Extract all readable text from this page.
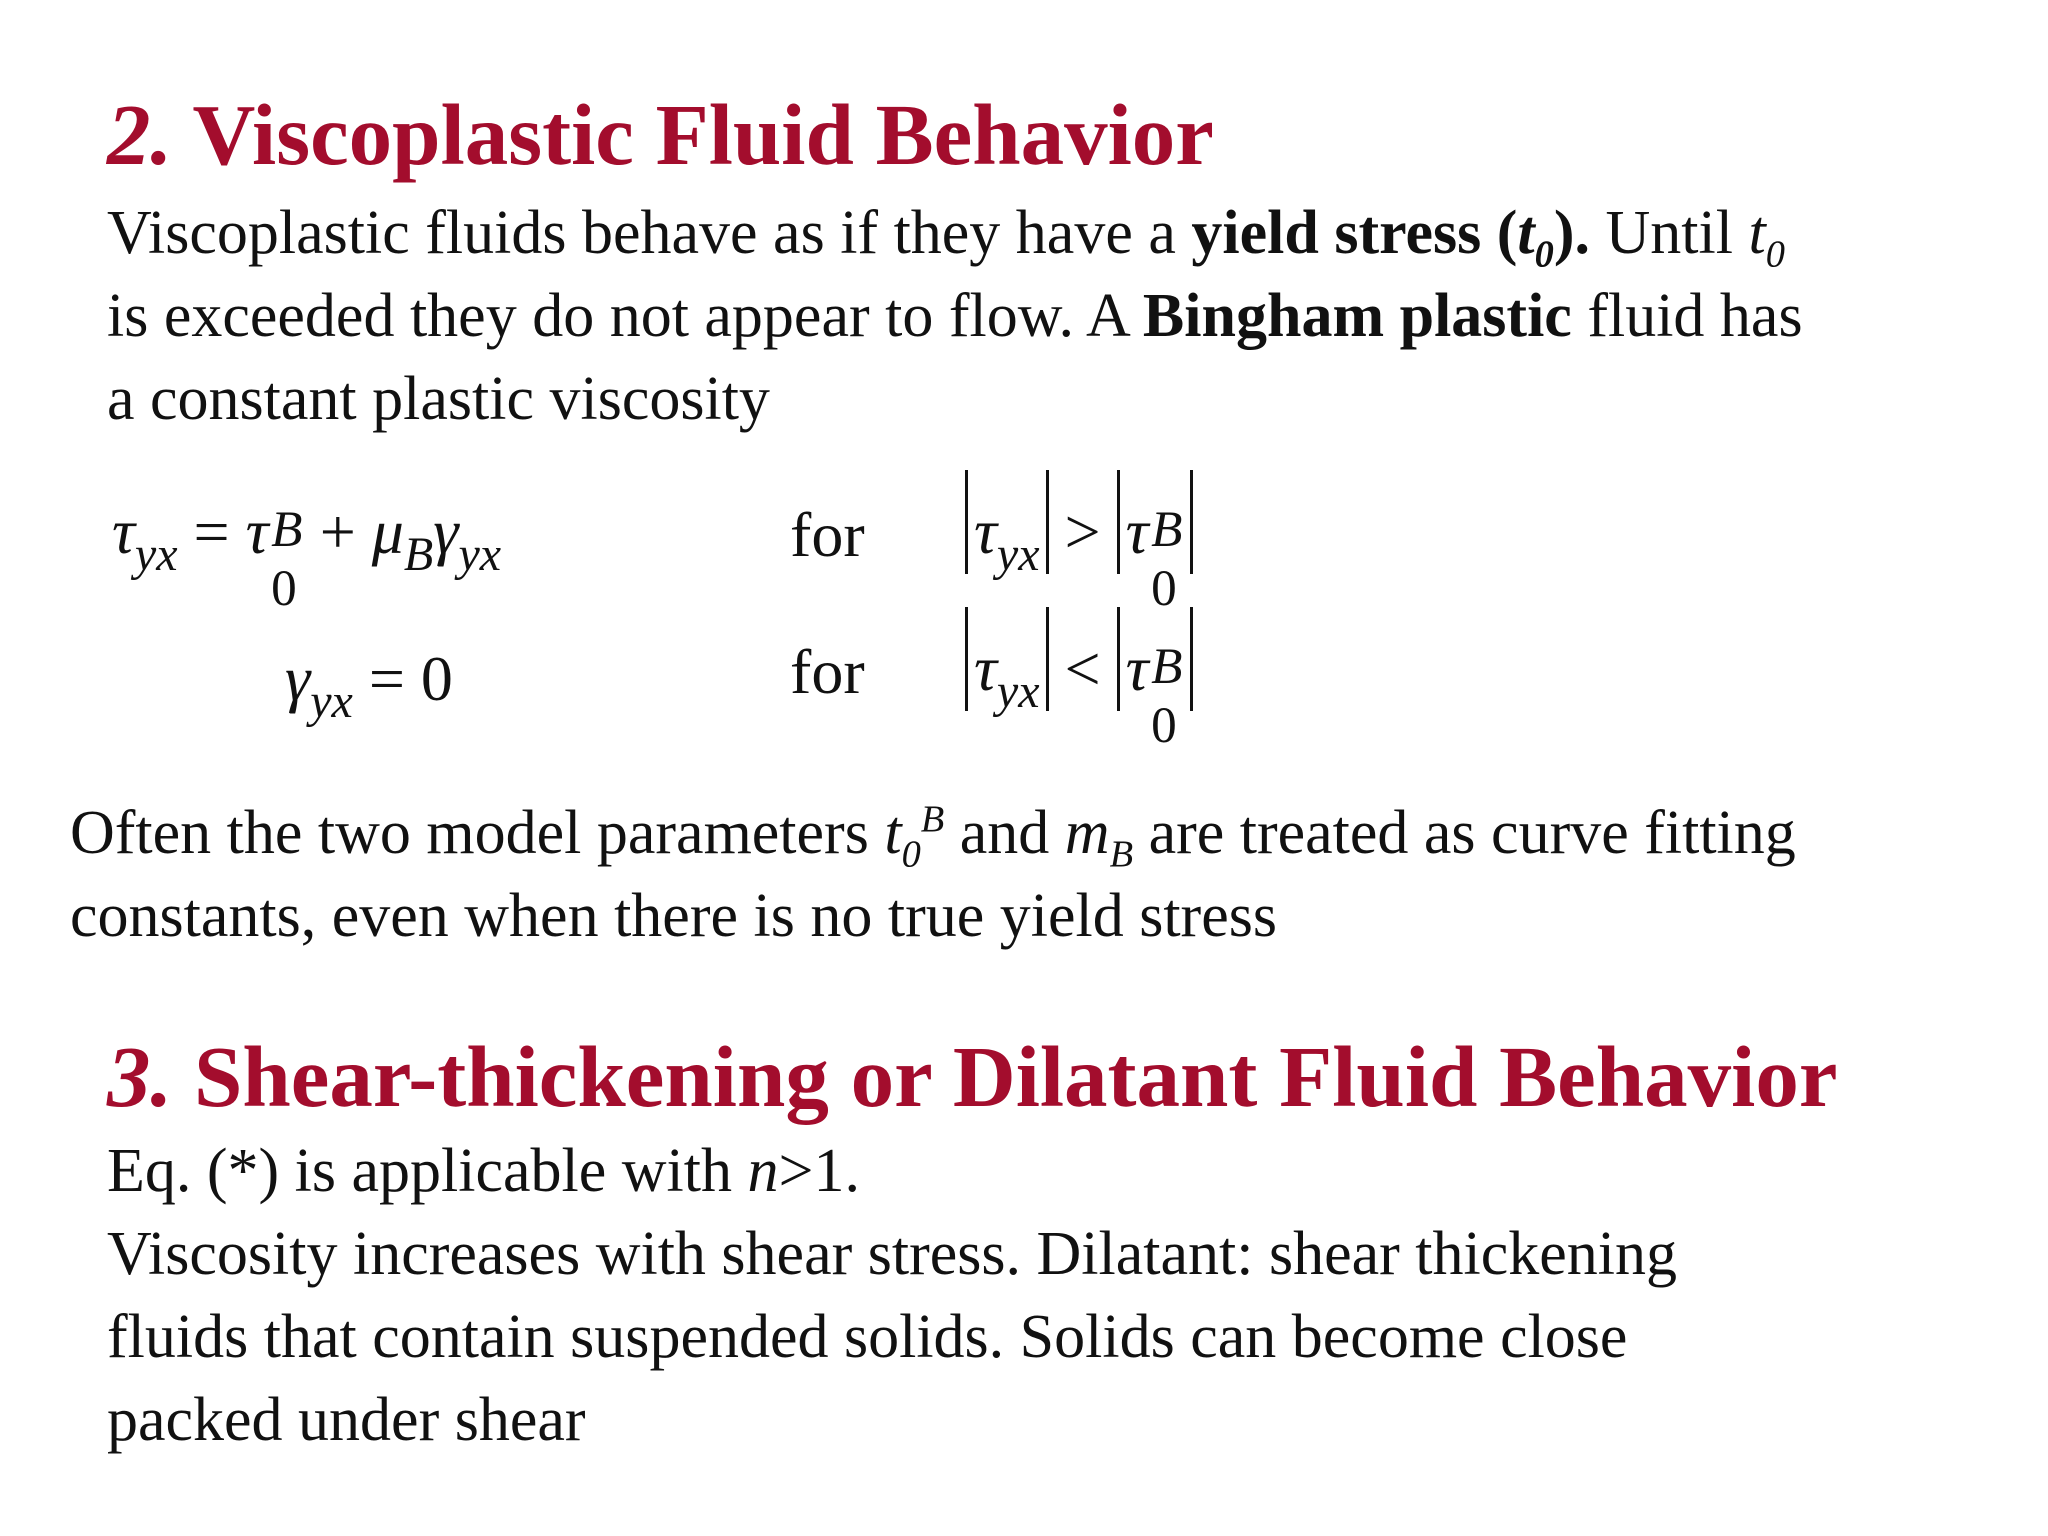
2. Viscoplastic Fluid Behavior

Viscoplastic fluids behave as if they have a yield stress $(t_0)$. Until $t_0$
is exceeded they do not appear to flow. A Bingham plastic fluid has
a constant plastic viscosity

$\tau_{yx} = \tau$ B
0
+ $\mu_B\gamma_{yx}$	for $\tau_{yx} > \tau$ B
0
$\gamma_{yx} = 0$	for $\tau_{yx} < \tau$ B
0

Often the two model parameters $t_0^B$ and $m_B$ are treated as curve fitting
constants, even when there is no true yield stress

3. Shear-thickening or Dilatant Fluid Behavior

Eq. (*) is applicable with n>1.
Viscosity increases with shear stress. Dilatant: shear thickening
fluids that contain suspended solids. Solids can become close
packed under shear
